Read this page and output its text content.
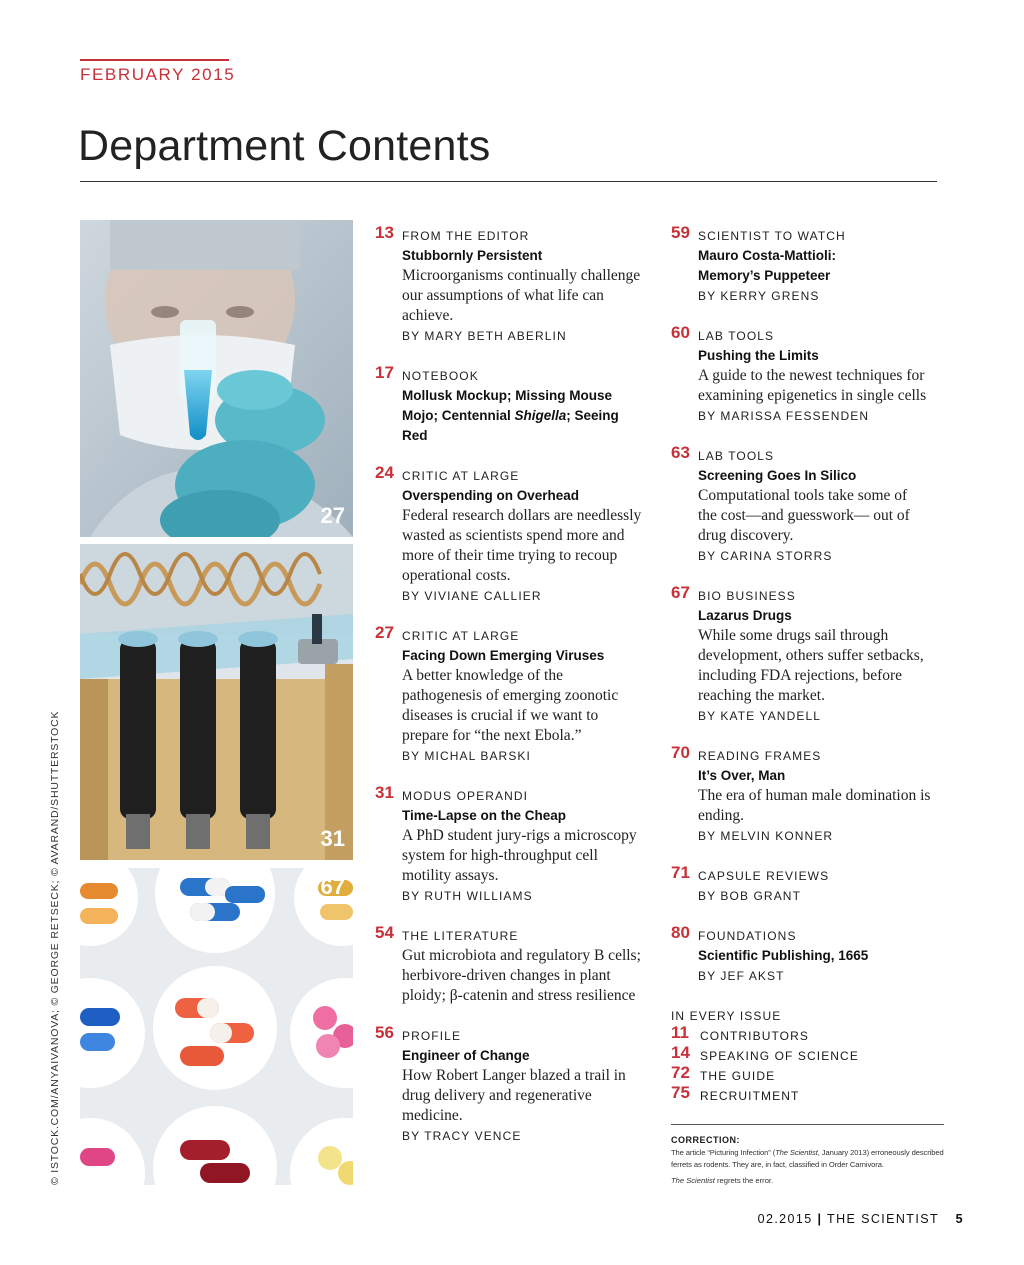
FEBRUARY 2015
Department Contents
© ISTOCK.COM/ANYAIVANOVA; © GEORGE RETSECK; © AVARAND/SHUTTERSTOCK
27
31
67
13 FROM THE EDITOR
Stubbornly Persistent
Microorganisms continually challenge our assumptions of what life can achieve.
BY MARY BETH ABERLIN
17 NOTEBOOK
Mollusk Mockup; Missing Mouse Mojo; Centennial Shigella; Seeing Red
24 CRITIC AT LARGE
Overspending on Overhead
Federal research dollars are needlessly wasted as scientists spend more and more of their time trying to recoup operational costs.
BY VIVIANE CALLIER
27 CRITIC AT LARGE
Facing Down Emerging Viruses
A better knowledge of the pathogenesis of emerging zoonotic diseases is crucial if we want to prepare for “the next Ebola.”
BY MICHAL BARSKI
31 MODUS OPERANDI
Time-Lapse on the Cheap
A PhD student jury-rigs a microscopy system for high-throughput cell motility assays.
BY RUTH WILLIAMS
54 THE LITERATURE
Gut microbiota and regulatory B cells; herbivore-driven changes in plant ploidy; β-catenin and stress resilience
56 PROFILE
Engineer of Change
How Robert Langer blazed a trail in drug delivery and regenerative medicine.
BY TRACY VENCE
59 SCIENTIST TO WATCH
Mauro Costa-Mattioli: Memory’s Puppeteer
BY KERRY GRENS
60 LAB TOOLS
Pushing the Limits
A guide to the newest techniques for examining epigenetics in single cells
BY MARISSA FESSENDEN
63 LAB TOOLS
Screening Goes In Silico
Computational tools take some of the cost—and guesswork— out of drug discovery.
BY CARINA STORRS
67 BIO BUSINESS
Lazarus Drugs
While some drugs sail through development, others suffer setbacks, including FDA rejections, before reaching the market.
BY KATE YANDELL
70 READING FRAMES
It’s Over, Man
The era of human male domination is ending.
BY MELVIN KONNER
71 CAPSULE REVIEWS
BY BOB GRANT
80 FOUNDATIONS
Scientific Publishing, 1665
BY JEF AKST
IN EVERY ISSUE
11 CONTRIBUTORS
14 SPEAKING OF SCIENCE
72 THE GUIDE
75 RECRUITMENT
CORRECTION:
The article “Picturing Infection” (The Scientist, January 2013) erroneously described ferrets as rodents. They are, in fact, classified in Order Carnivora.
The Scientist regrets the error.
02.2015 | THE SCIENTIST 5
